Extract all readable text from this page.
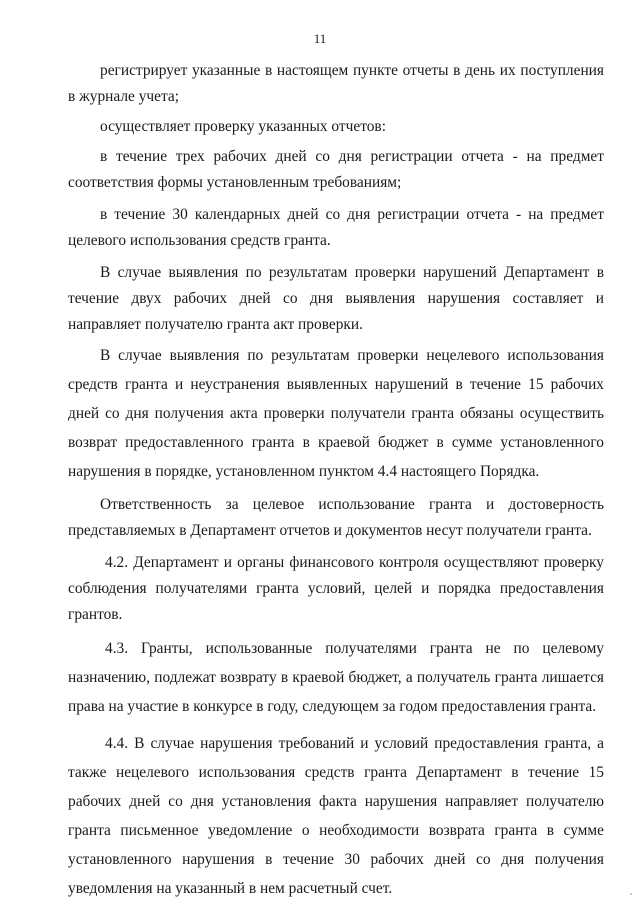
11

регистрирует указанные в настоящем пункте отчеты в день их поступления в журнале учета;

осуществляет проверку указанных отчетов:

в течение трех рабочих дней со дня регистрации отчета - на предмет соответствия формы установленным требованиям;

в течение 30 календарных дней со дня регистрации отчета - на предмет целевого использования средств гранта.

В случае выявления по результатам проверки нарушений Департамент в течение двух рабочих дней со дня выявления нарушения составляет и направляет получателю гранта акт проверки.

В случае выявления по результатам проверки нецелевого использования средств гранта и неустранения выявленных нарушений в течение 15 рабочих дней со дня получения акта проверки получатели гранта обязаны осуществить возврат предоставленного гранта в краевой бюджет в сумме установленного нарушения в порядке, установленном пунктом 4.4 настоящего Порядка.

Ответственность за целевое использование гранта и достоверность представляемых в Департамент отчетов и документов несут получатели гранта.

4.2. Департамент и органы финансового контроля осуществляют проверку соблюдения получателями гранта условий, целей и порядка предоставления грантов.

4.3. Гранты, использованные получателями гранта не по целевому назначению, подлежат возврату в краевой бюджет, а получатель гранта лишается права на участие в конкурсе в году, следующем за годом предоставления гранта.

4.4. В случае нарушения требований и условий предоставления гранта, а также нецелевого использования средств гранта Департамент в течение 15 рабочих дней со дня установления факта нарушения направляет получателю гранта письменное уведомление о необходимости возврата гранта в сумме установленного нарушения в течение 30 рабочих дней со дня получения уведомления на указанный в нем расчетный счет.
